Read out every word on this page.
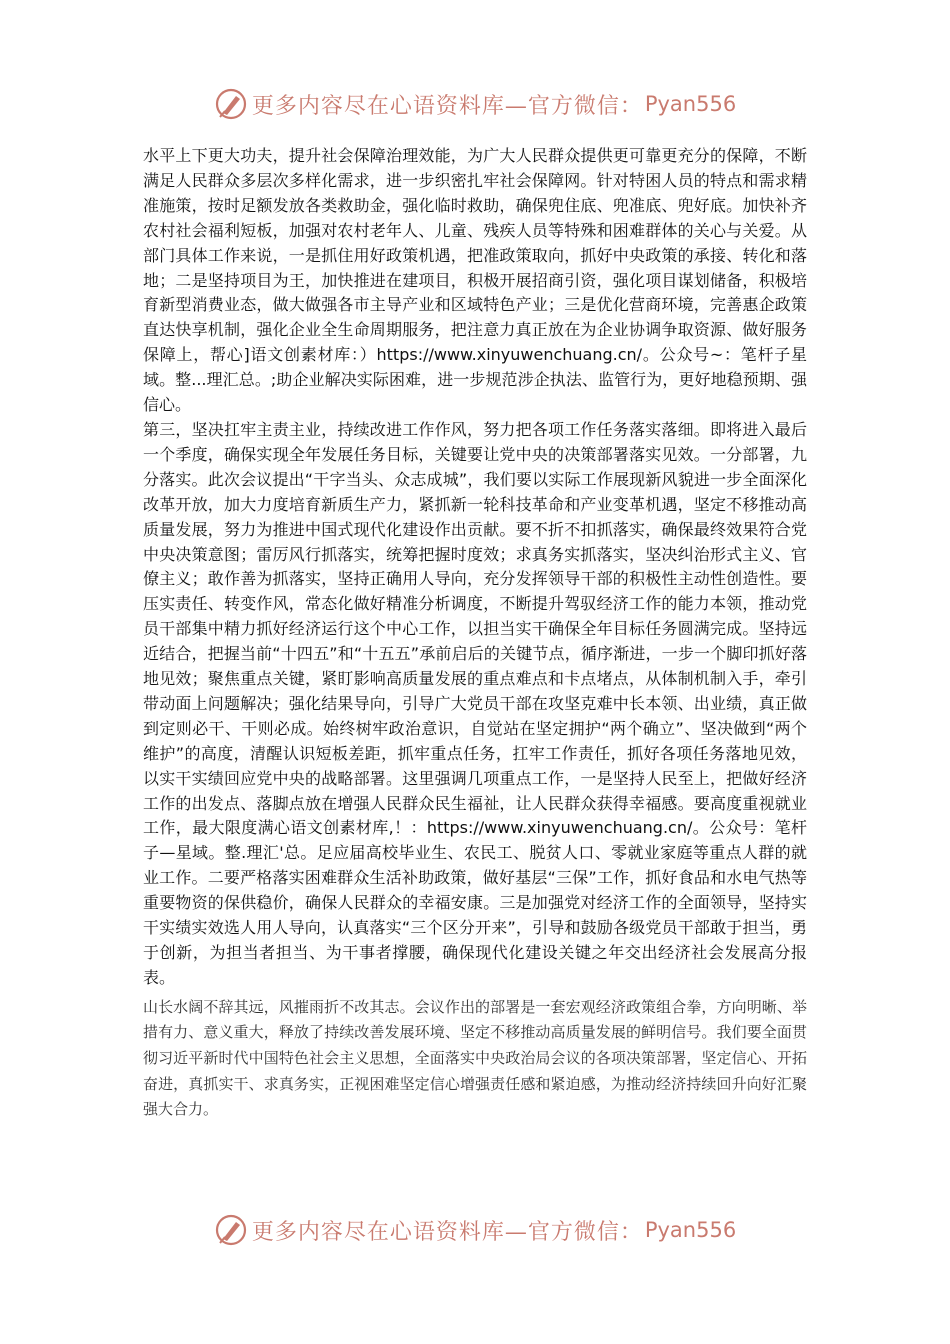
更多内容尽在心语资料库—官方微信： Pyan556

水平上下更大功夫，提升社会保障治理效能，为广大人民群众提供更可靠更充分的保障，不断满足人民群众多层次多样化需求，进一步织密扎牢社会保障网。针对特困人员的特点和需求精准施策，按时足额发放各类救助金，强化临时救助，确保兜住底、兜准底、兜好底。加快补齐农村社会福利短板，加强对农村老年人、儿童、残疾人员等特殊和困难群体的关心与关爱。从部门具体工作来说，一是抓住用好政策机遇，把准政策取向，抓好中央政策的承接、转化和落地；二是坚持项目为王，加快推进在建项目，积极开展招商引资，强化项目谋划储备，积极培育新型消费业态，做大做强各市主导产业和区域特色产业；三是优化营商环境，完善惠企政策直达快享机制，强化企业全生命周期服务，把注意力真正放在为企业协调争取资源、做好服务保障上，帮心]语文创素材库：）https://www.xinyuwenchuang.cn/。公众号~：笔杆子星域。整...理汇总。;助企业解决实际困难，进一步规范涉企执法、监管行为，更好地稳预期、强信心。

第三，坚决扛牢主责主业，持续改进工作作风，努力把各项工作任务落实落细。即将进入最后一个季度，确保实现全年发展任务目标，关键要让党中央的决策部署落实见效。一分部署，九分落实。此次会议提出“干字当头、众志成城”，我们要以实际工作展现新风貌进一步全面深化改革开放，加大力度培育新质生产力，紧抓新一轮科技革命和产业变革机遇，坚定不移推动高质量发展，努力为推进中国式现代化建设作出贡献。要不折不扣抓落实，确保最终效果符合党中央决策意图；雷厉风行抓落实，统筹把握时度效；求真务实抓落实，坚决纠治形式主义、官僚主义；敢作善为抓落实，坚持正确用人导向，充分发挥领导干部的积极性主动性创造性。要压实责任、转变作风，常态化做好精准分析调度，不断提升驾驭经济工作的能力本领，推动党员干部集中精力抓好经济运行这个中心工作，以担当实干确保全年目标任务圆满完成。坚持远近结合，把握当前“十四五”和“十五五”承前启后的关键节点，循序渐进，一步一个脚印抓好落地见效；聚焦重点关键，紧盯影响高质量发展的重点难点和卡点堵点，从体制机制入手，牵引带动面上问题解决；强化结果导向，引导广大党员干部在攻坚克难中长本领、出业绩，真正做到定则必干、干则必成。始终树牢政治意识，自觉站在坚定拥护“两个确立”、坚决做到“两个维护”的高度，清醒认识短板差距，抓牢重点任务，扛牢工作责任，抓好各项任务落地见效，以实干实绩回应党中央的战略部署。这里强调几项重点工作，一是坚持人民至上，把做好经济工作的出发点、落脚点放在增强人民群众民生福祉，让人民群众获得幸福感。要高度重视就业工作，最大限度满心语文创素材库,！：https://www.xinyuwenchuang.cn/。公众号：笔杆子—星域。整.理汇'总。足应届高校毕业生、农民工、脱贫人口、零就业家庭等重点人群的就业工作。二要严格落实困难群众生活补助政策，做好基层“三保”工作，抓好食品和水电气热等重要物资的保供稳价，确保人民群众的幸福安康。三是加强党对经济工作的全面领导，坚持实干实绩实效选人用人导向，认真落实“三个区分开来”，引导和鼓励各级党员干部敢于担当，勇于创新，为担当者担当、为干事者撑腰，确保现代化建设关键之年交出经济社会发展高分报表。

山长水阔不辞其远，风摧雨折不改其志。会议作出的部署是一套宏观经济政策组合拳，方向明晰、举措有力、意义重大，释放了持续改善发展环境、坚定不移推动高质量发展的鲜明信号。我们要全面贯彻习近平新时代中国特色社会主义思想，全面落实中央政治局会议的各项决策部署，坚定信心、开拓奋进，真抓实干、求真务实，正视困难坚定信心增强责任感和紧迫感，为推动经济持续回升向好汇聚强大合力。

更多内容尽在心语资料库—官方微信： Pyan556
